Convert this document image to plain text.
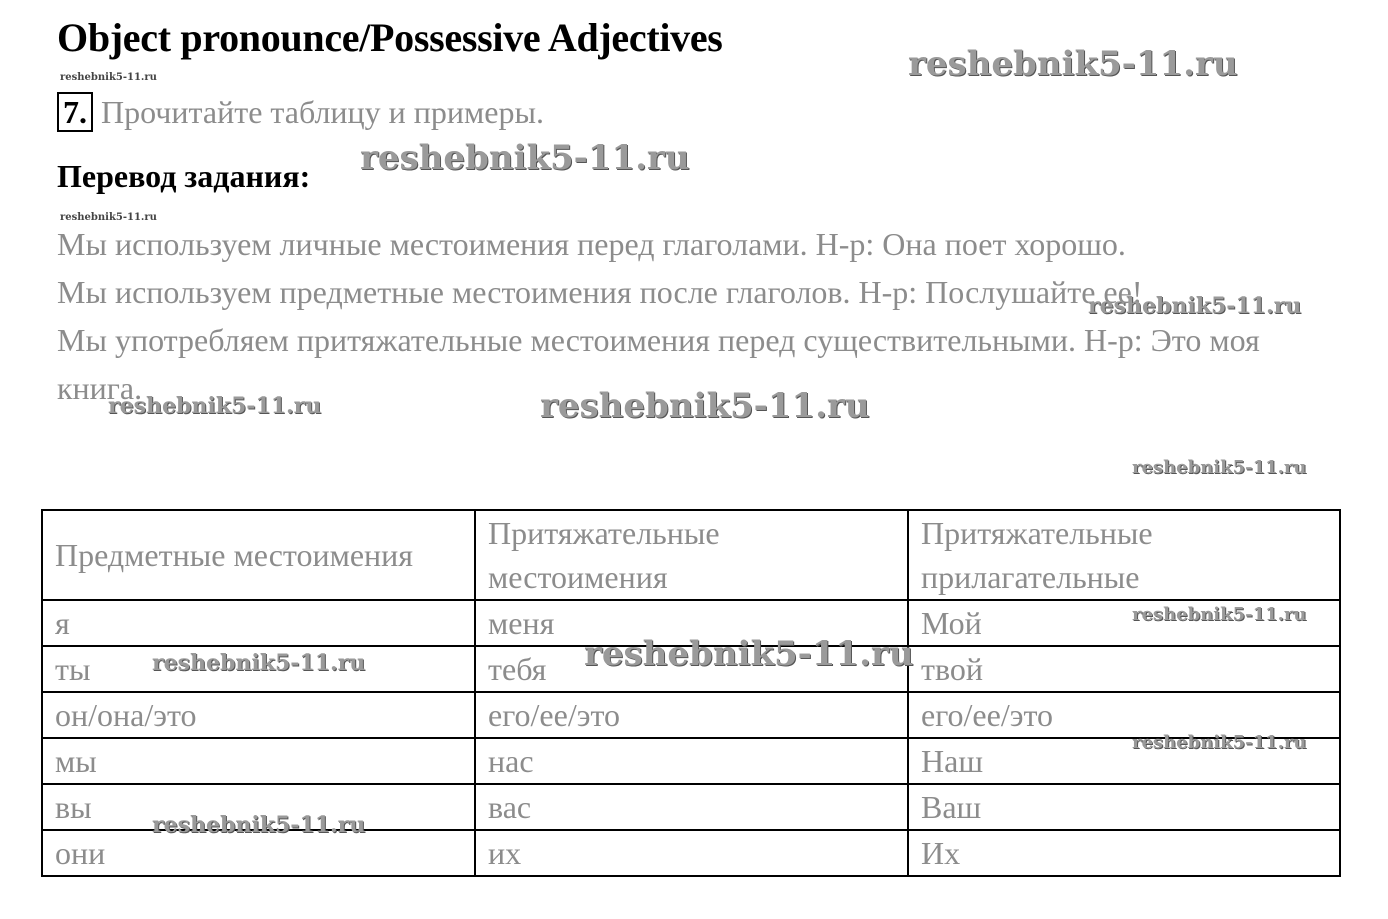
Object pronounce/Possessive Adjectives
7. Прочитайте таблицу и примеры.
Перевод задания:

Мы используем личные местоимения перед глаголами. Н-р: Она поет хорошо.

Мы используем предметные местоимения после глаголов. Н-р: Послушайте ее!

Мы употребляем притяжательные местоимения перед существительными. Н-р: Это моя книга.

Предметные местоимения	Притяжательные местоимения	Притяжательные прилагательные
я	меня	Мой
ты	тебя	твой
он/она/это	его/ее/это	его/ее/это
мы	нас	Наш
вы	вас	Ваш
они	их	Их
reshebnik5-11.ru
reshebnik5-11.ru
reshebnik5-11.ru
reshebnik5-11.ru
reshebnik5-11.ru
reshebnik5-11.ru	reshebnik5-11.ru
reshebnik5-11.ru
reshebnik5-11.ru
reshebnik5-11.ru	reshebnik5-11.ru
reshebnik5-11.ru
reshebnik5-11.ru
